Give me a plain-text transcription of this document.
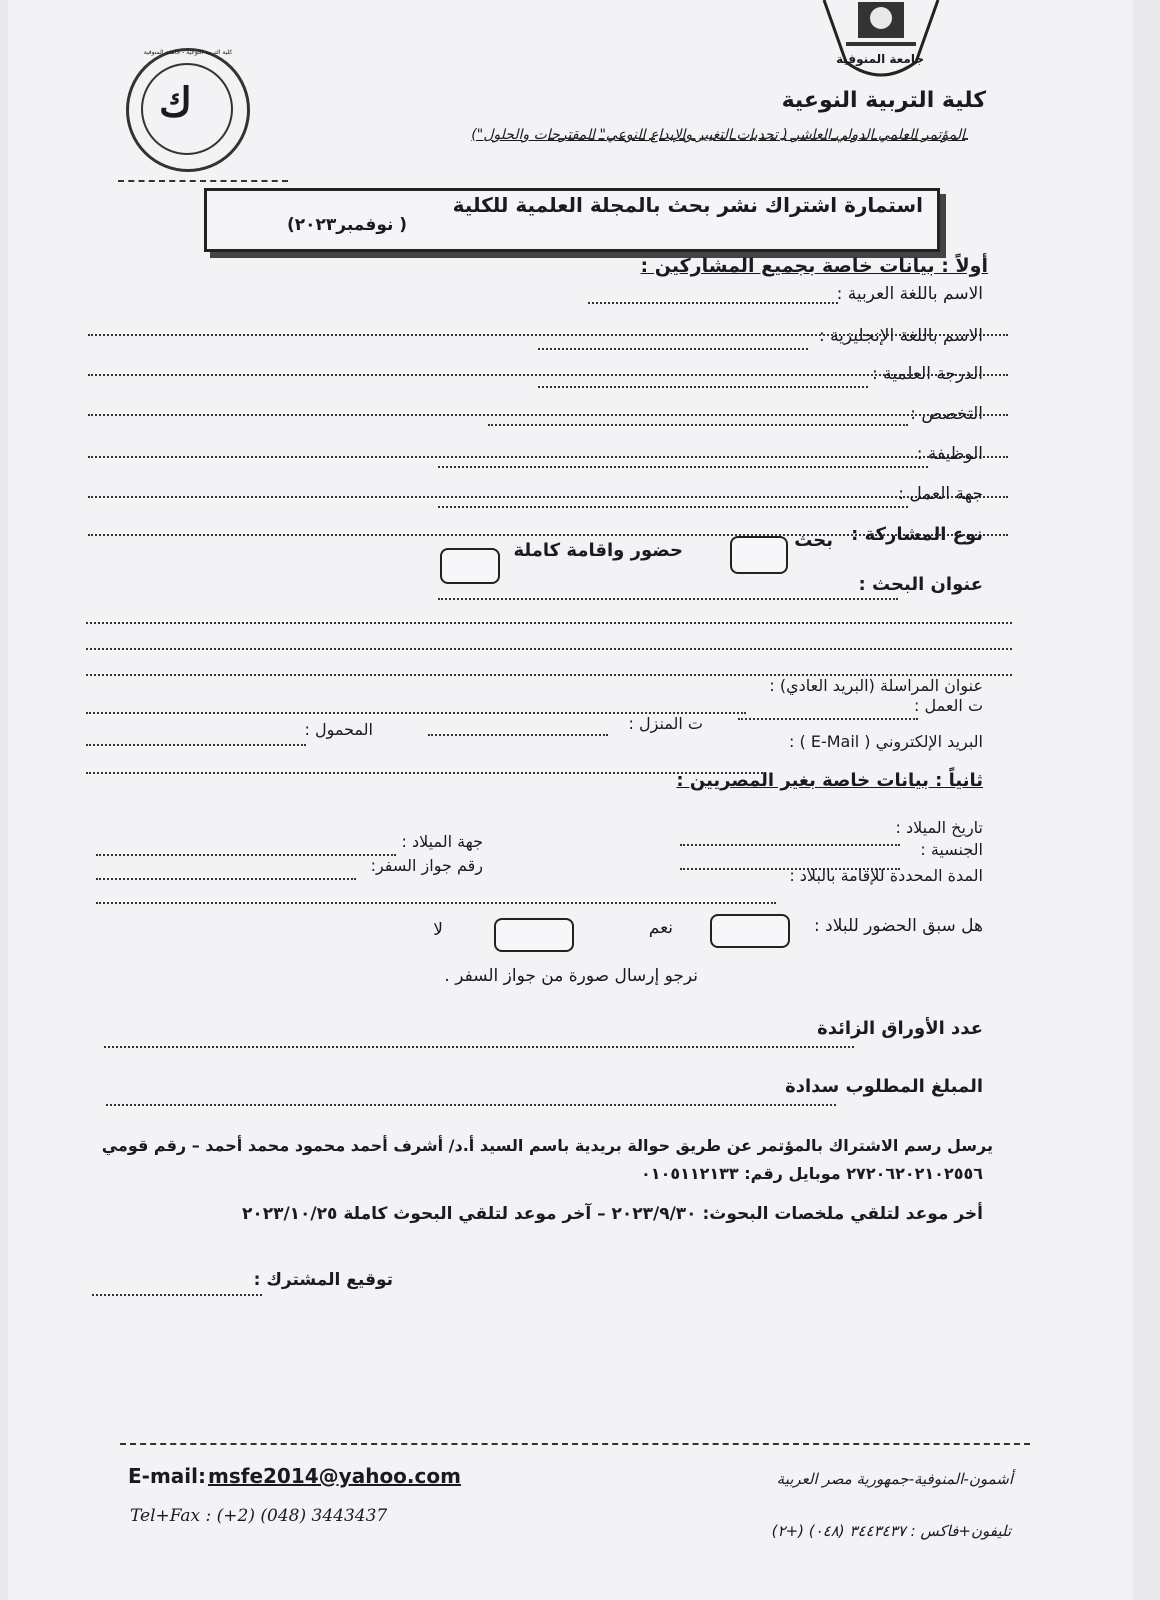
جامعة المنوفية
ك
كلية التربية النوعية - جامعة المنوفية
كلية التربية النوعية
المؤتمر العلمي الدولي العاشر ( تحديات التغيير والإبداع النوعي" المقترحات والحلول")
استمارة اشتراك نشر بحث بالمجلة العلمية للكلية
( نوفمبر٢٠٢٣)
أولاً : بيانات خاصة بجميع المشاركين :
الاسم باللغة العربية :
الاسم باللغة الإنجليزية :
الدرجة العلمية :
التخصص :
الوظيفة :
جهة العمل :
نوع المشاركة :
بحث
حضور واقامة كاملة
عنوان البحث :
عنوان المراسلة (البريد العادي) :
ت العمل :
ت المنزل :
المحمول :
البريد الإلكتروني ( E-Mail ) :
ثانياً : بيانات خاصة بغير المصريين :
تاريخ الميلاد :
جهة الميلاد :	الجنسية :
رقم جواز السفر:
المدة المحددة للإقامة بالبلاد :
هل سبق الحضور للبلاد :
نعم
لا
نرجو إرسال صورة من جواز السفر .
عدد الأوراق الزائدة
المبلغ المطلوب سدادة
يرسل رسم الاشتراك بالمؤتمر عن طريق حوالة بريدية باسم السيد أ.د/ أشرف أحمد محمود محمد أحمد – رقم قومي
٢٧٢٠٦٢٠٢١٠٢٥٥٦ موبايل رقم: ٠١٠٥١١٢١٣٣
أخر موعد لتلقي ملخصات البحوث: ٢٠٢٣/٩/٣٠ – آخر موعد لتلقي البحوث كاملة ٢٠٢٣/١٠/٢٥
توقيع المشترك :
E-mail: msfe2014@yahoo.com
Tel+Fax : (+2) (048) 3443437
أشمون-المنوفية-جمهورية مصر العربية
تليفون+فاكس : ٣٤٤٣٤٣٧ (٠٤٨) (+٢)
